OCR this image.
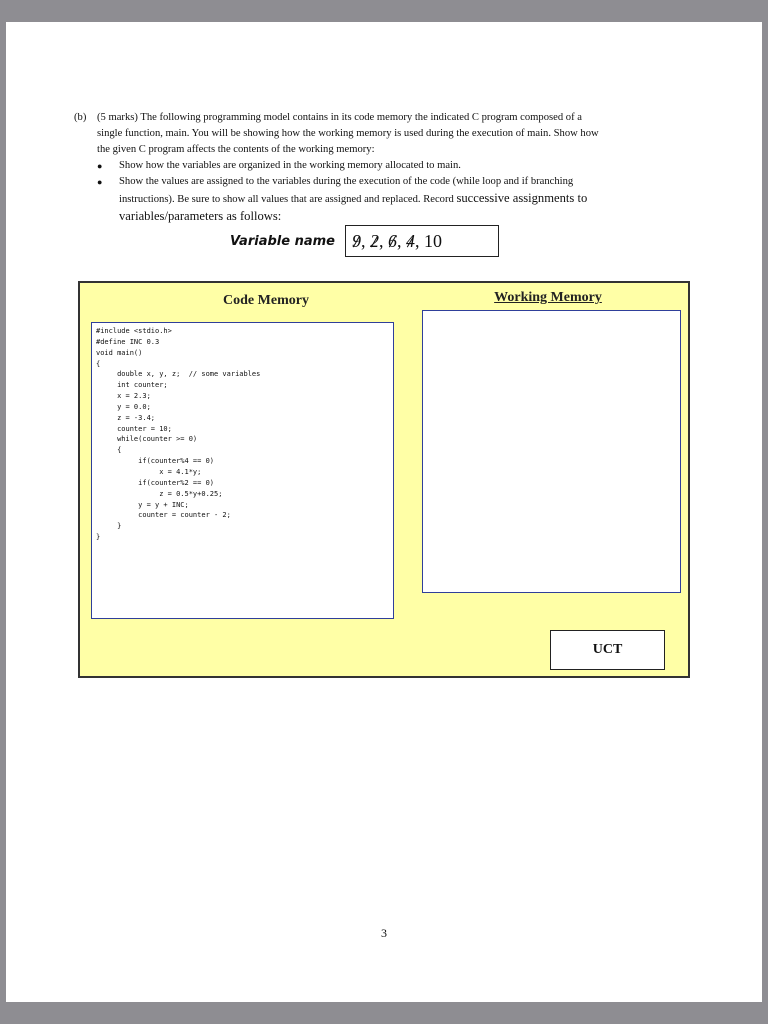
(b)	(5 marks) The following programming model contains in its code memory the indicated C program composed of a
single function, main. You will be showing how the working memory is used during the execution of main. Show how
the given C program affects the contents of the working memory:
●	Show how the variables are organized in the working memory allocated to main.
●	Show the values are assigned to the variables during the execution of the code (while loop and if branching
instructions). Be sure to show all values that are assigned and replaced. Record successive assignments to
variables/parameters as follows:
Variable name 9 , 2 , 6 , 4 , 10
Code Memory	Working Memory
#include <stdio.h>
#define INC 0.3
void main()
{
double x, y, z;  // some variables
int counter;
x = 2.3;
y = 0.0;
z = -3.4;
counter = 10;
while(counter >= 0)
{
if(counter%4 == 0)
x = 4.1*y;
if(counter%2 == 0)
z = 0.5*y+0.25;
y = y + INC;
counter = counter - 2;
}
}
UCT
3
